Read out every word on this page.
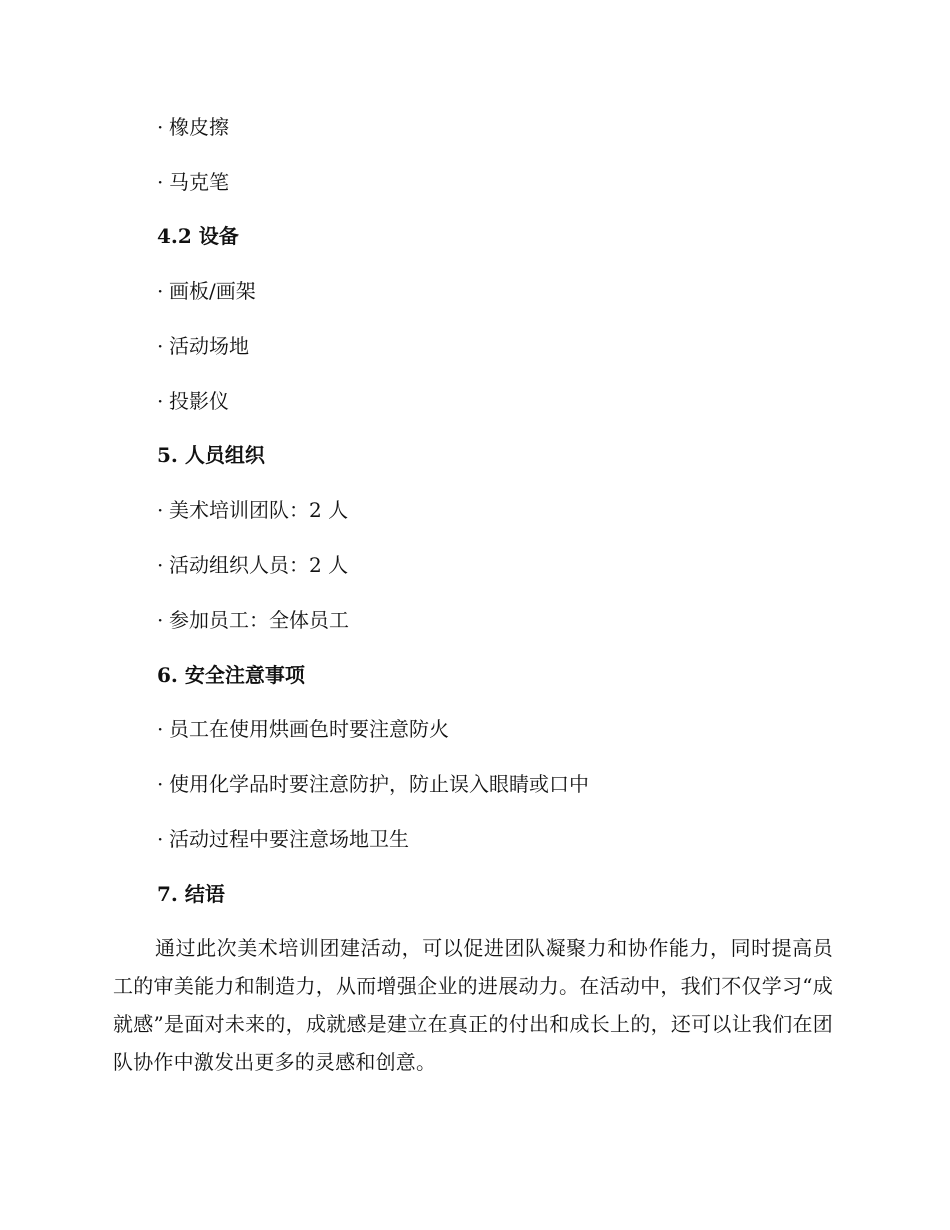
· 橡皮擦
· 马克笔
4.2 设备
· 画板/画架
· 活动场地
· 投影仪
5. 人员组织
· 美术培训团队：2 人
· 活动组织人员：2 人
· 参加员工：全体员工
6. 安全注意事项
· 员工在使用烘画色时要注意防火
· 使用化学品时要注意防护，防止误入眼睛或口中
· 活动过程中要注意场地卫生
7. 结语
通过此次美术培训团建活动，可以促进团队凝聚力和协作能力，同时提高员工的审美能力和制造力，从而增强企业的进展动力。在活动中，我们不仅学习“成就感”是面对未来的，成就感是建立在真正的付出和成长上的，还可以让我们在团队协作中激发出更多的灵感和创意。
